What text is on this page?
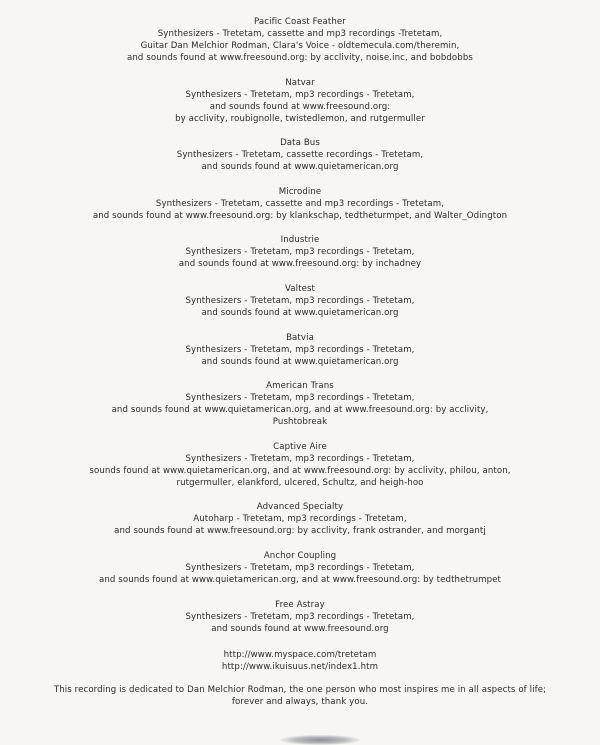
Pacific Coast Feather
Synthesizers - Tretetam, cassette and mp3 recordings -Tretetam,
Guitar Dan Melchior Rodman, Clara's Voice - oldtemecula.com/theremin,
and sounds found at www.freesound.org: by acclivity, noise.inc, and bobdobbs
Natvar
Synthesizers - Tretetam, mp3 recordings - Tretetam,
and sounds found at www.freesound.org:
by acclivity, roubignolle, twistedlemon, and rutgermuller
Data Bus
Synthesizers - Tretetam, cassette recordings - Tretetam,
and sounds found at www.quietamerican.org
Microdine
Synthesizers - Tretetam, cassette and mp3 recordings - Tretetam,
and sounds found at www.freesound.org: by klankschap, tedtheturmpet, and Walter_Odington
Industrie
Synthesizers - Tretetam, mp3 recordings - Tretetam,
and sounds found at www.freesound.org: by inchadney
Valtest
Synthesizers - Tretetam, mp3 recordings - Tretetam,
and sounds found at www.quietamerican.org
Batvia
Synthesizers - Tretetam, mp3 recordings - Tretetam,
and sounds found at www.quietamerican.org
American Trans
Synthesizers - Tretetam, mp3 recordings - Tretetam,
and sounds found at www.quietamerican.org, and at www.freesound.org: by acclivity,
Pushtobreak
Captive Aire
Synthesizers - Tretetam, mp3 recordings - Tretetam,
sounds found at www.quietamerican.org, and at www.freesound.org: by acclivity, philou, anton,
rutgermuller, elankford, ulcered, Schultz, and heigh-hoo
Advanced Specialty
Autoharp - Tretetam, mp3 recordings - Tretetam,
and sounds found at www.freesound.org: by acclivity, frank ostrander, and morgantj
Anchor Coupling
Synthesizers - Tretetam, mp3 recordings - Tretetam,
and sounds found at www.quietamerican.org, and at www.freesound.org: by tedthetrumpet
Free Astray
Synthesizers - Tretetam, mp3 recordings - Tretetam,
and sounds found at www.freesound.org
http://www.myspace.com/tretetam
http://www.ikuisuus.net/index1.htm
This recording is dedicated to Dan Melchior Rodman, the one person who most inspires me in all aspects of life;
forever and always, thank you.
